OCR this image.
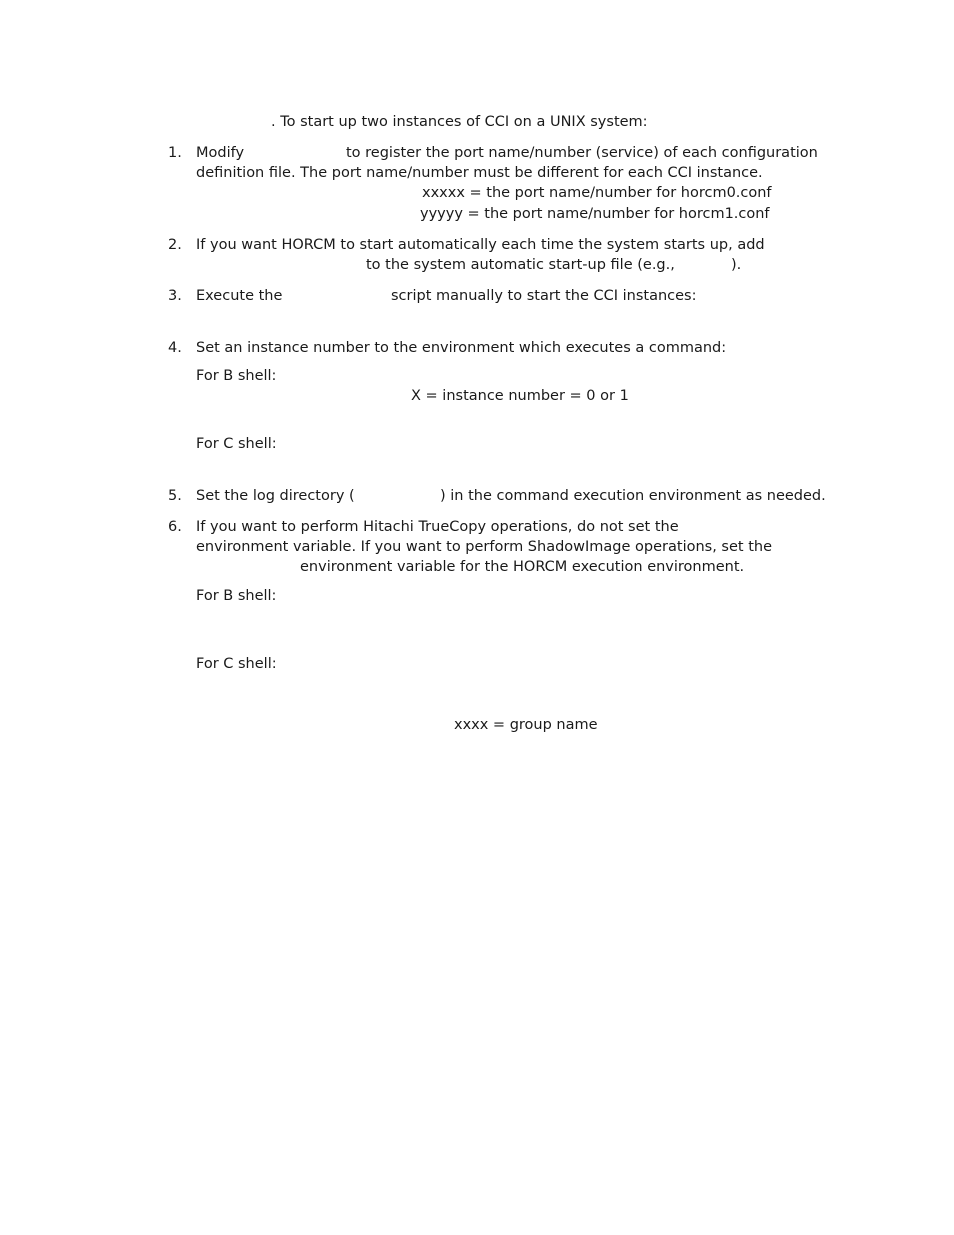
. To start up two instances of CCI on a UNIX system:
1. Modify	to register the port name/number (service) of each configuration
definition file. The port name/number must be different for each CCI instance.
xxxxx = the port name/number for horcm0.conf
yyyyy = the port name/number for horcm1.conf
2. If you want HORCM to start automatically each time the system starts up, add
to the system automatic start-up file (e.g.,	).
3. Execute the	script manually to start the CCI instances:
4. Set an instance number to the environment which executes a command:
For B shell:
X = instance number = 0 or 1
For C shell:
5. Set the log directory (	) in the command execution environment as needed.
6. If you want to perform Hitachi TrueCopy operations, do not set the
environment variable. If you want to perform ShadowImage operations, set the
environment variable for the HORCM execution environment.
For B shell:
For C shell:
xxxx = group name
